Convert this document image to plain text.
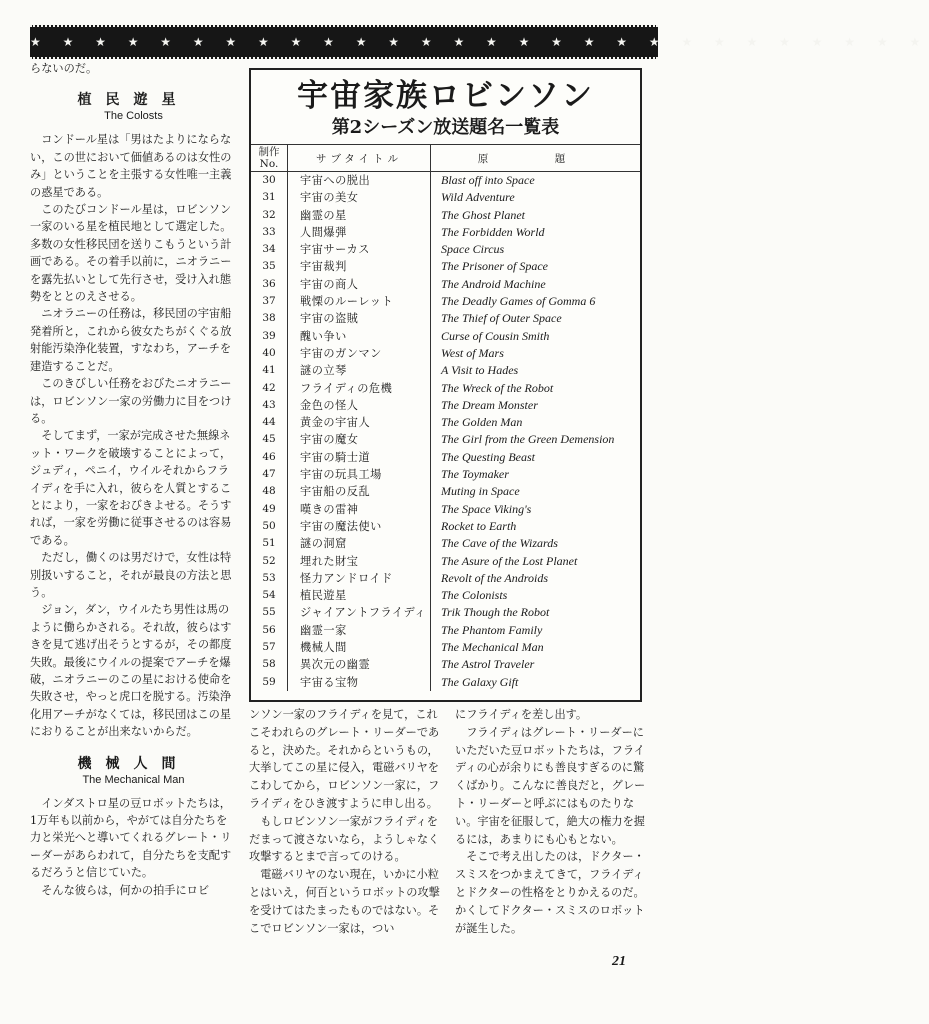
★ ★ ★ ★ ★ ★ ★ ★ ★ ★ ★ ★ ★ ★ ★ ★ ★ ★ ★ ★ ★ ★ ★ ★ ★ ★ ★ ★

らないのだ。

植民遊星
The Colosts

コンドール星は「男はたよりにならない，この世において価値あるのは女性のみ」ということを主張する女性唯一主義の惑星である。

このたびコンドール星は，ロビンソン一家のいる星を植民地として選定した。多数の女性移民団を送りこもうという計画である。その着手以前に，ニオラニーを露先払いとして先行させ，受け入れ態勢をととのえさせる。

ニオラニーの任務は，移民団の宇宙船発着所と，これから彼女たちがくぐる放射能汚染浄化装置，すなわち，アーチを建造することだ。

このきびしい任務をおびたニオラニーは，ロビンソン一家の労働力に目をつける。

そしてまず，一家が完成させた無線ネット・ワークを破壊することによって，ジュディ，ペニイ，ウイルそれからフライディを手に入れ，彼らを人質とすることにより，一家をおびきよせる。そうすれば，一家を労働に従事させるのは容易である。

ただし，働くのは男だけで，女性は特別扱いすること，それが最良の方法と思う。

ジョン，ダン，ウイルたち男性は馬のように働らかされる。それ故，彼らはすきを見て逃げ出そうとするが，その都度失敗。最後にウイルの提案でアーチを爆破，ニオラニーのこの星における使命を失敗させ，やっと虎口を脱する。汚染浄化用アーチがなくては，移民団はこの星におりることが出来ないからだ。

機械人間
The Mechanical Man

インダストロ星の豆ロボットたちは，1万年も以前から，やがては自分たちを力と栄光へと導いてくれるグレート・リーダーがあらわれて，自分たちを支配するだろうと信じていた。

そんな彼らは，何かの拍手にロビ

宇宙家族ロビンソン
第2シーズン放送題名一覧表
制作No.	サブタイトル	原　題
30	宇宙への脱出	Blast off into Space
31	宇宙の美女	Wild Adventure
32	幽霊の星	The Ghost Planet
33	人間爆弾	The Forbidden World
34	宇宙サーカス	Space Circus
35	宇宙裁判	The Prisoner of Space
36	宇宙の商人	The Android Machine
37	戦慄のルーレット	The Deadly Games of Gomma 6
38	宇宙の盗賊	The Thief of Outer Space
39	醜い争い	Curse of Cousin Smith
40	宇宙のガンマン	West of Mars
41	謎の立琴	A Visit to Hades
42	フライディの危機	The Wreck of the Robot
43	金色の怪人	The Dream Monster
44	黄金の宇宙人	The Golden Man
45	宇宙の魔女	The Girl from the Green Demension
46	宇宙の騎士道	The Questing Beast
47	宇宙の玩具工場	The Toymaker
48	宇宙船の反乱	Muting in Space
49	嘆きの雷神	The Space Viking's
50	宇宙の魔法使い	Rocket to Earth
51	謎の洞窟	The Cave of the Wizards
52	埋れた財宝	The Asure of the Lost Planet
53	怪力アンドロイド	Revolt of the Androids
54	植民遊星	The Colonists
55	ジャイアントフライディ	Trik Though the Robot
56	幽霊一家	The Phantom Family
57	機械人間	The Mechanical Man
58	異次元の幽霊	The Astrol Traveler
59	宇宙る宝物	The Galaxy Gift

ンソン一家のフライディを見て，これこそわれらのグレート・リーダーであると，決めた。それからというもの，大挙してこの星に侵入，電磁バリヤをこわしてから，ロビンソン一家に，フライディをひき渡すように申し出る。

もしロビンソン一家がフライディをだまって渡さないなら，ようしゃなく攻撃するとまで言ってのける。

電磁バリヤのない現在，いかに小粒とはいえ，何百というロボットの攻撃を受けてはたまったものではない。そこでロビンソン一家は，つい

にフライディを差し出す。

フライディはグレート・リーダーにいただいた豆ロボットたちは，フライディの心が余りにも善良すぎるのに驚くばかり。こんなに善良だと，グレート・リーダーと呼ぶにはものたりない。宇宙を征服して，絶大の権力を握るには，あまりにも心もとない。

そこで考え出したのは，ドクター・スミスをつかまえてきて，フライディとドクターの性格をとりかえるのだ。かくしてドクター・スミスのロボットが誕生した。

21
